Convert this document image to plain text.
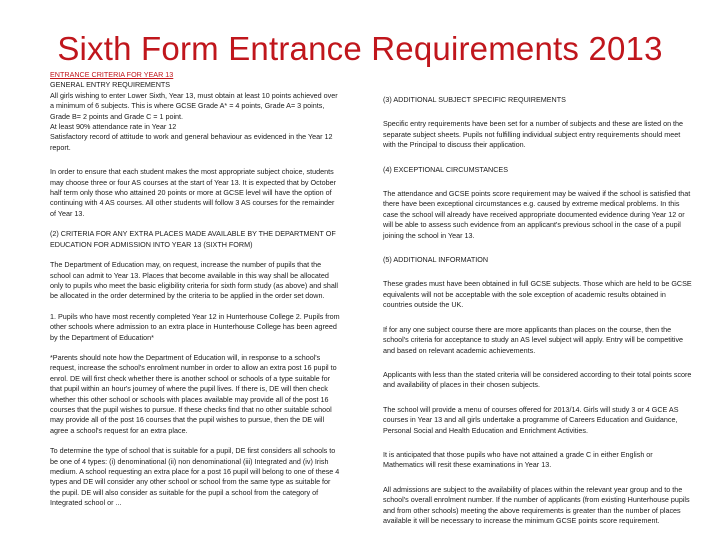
Sixth Form Entrance Requirements 2013

ENTRANCE CRITERIA FOR YEAR 13

GENERAL ENTRY REQUIREMENTS

All girls wishing to enter Lower Sixth, Year 13, must obtain at least 10 points achieved over a minimum of 6 subjects. This is where GCSE Grade A* = 4 points, Grade A= 3 points, Grade B= 2 points and Grade C = 1 point.

At least 90% attendance rate in Year 12

Satisfactory record of attitude to work and general behaviour as evidenced in the Year 12 report.

In order to ensure that each student makes the most appropriate subject choice, students may choose three or four AS courses at the start of Year 13. It is expected that by October half term only those who attained 20 points or more at GCSE level will have the option of continuing with 4 AS courses. All other students will follow 3 AS courses for the remainder of Year 13.

(2) CRITERIA FOR ANY EXTRA PLACES MADE AVAILABLE BY THE DEPARTMENT OF EDUCATION FOR ADMISSION INTO YEAR 13 (SIXTH FORM)

The Department of Education may, on request, increase the number of pupils that the school can admit to Year 13. Places that become available in this way shall be allocated only to pupils who meet the basic eligibility criteria for sixth form study (as above) and shall be allocated in the order determined by the criteria to be applied in the order set down.

1. Pupils who have most recently completed Year 12 in Hunterhouse College 2. Pupils from other schools where admission to an extra place in Hunterhouse College has been agreed by the Department of Education*

*Parents should note how the Department of Education will, in response to a school's request, increase the school's enrolment number in order to allow an extra post 16 pupil to enrol. DE will first check whether there is another school or schools of a type suitable for that pupil within an hour's journey of where the pupil lives. If there is, DE will then check whether this other school or schools with places available may provide all of the post 16 courses that the pupil wishes to pursue. If these checks find that no other suitable school may provide all of the post 16 courses that the pupil wishes to pursue, then the DE will agree a school's request for an extra place.

To determine the type of school that is suitable for a pupil, DE first considers all schools to be one of 4 types: (i) denominational (ii) non denominational (iii) Integrated and (iv) Irish medium. A school requesting an extra place for a post 16 pupil will belong to one of these 4 types and DE will consider any other school or school from the same type as suitable for the pupil. DE will also consider as suitable for the pupil a school from the category of Integrated school or ...

(3) ADDITIONAL SUBJECT SPECIFIC REQUIREMENTS

Specific entry requirements have been set for a number of subjects and these are listed on the separate subject sheets. Pupils not fulfilling individual subject entry requirements should meet with the Principal to discuss their application.

(4) EXCEPTIONAL CIRCUMSTANCES

The attendance and GCSE points score requirement may be waived if the school is satisfied that there have been exceptional circumstances e.g. caused by extreme medical problems. In this case the school will already have received appropriate documented evidence during Year 12 or will be able to assess such evidence from an applicant's previous school in the case of a pupil joining the school in Year 13.

(5) ADDITIONAL INFORMATION

These grades must have been obtained in full GCSE subjects. Those which are held to be GCSE equivalents will not be acceptable with the sole exception of academic results obtained in countries outside the UK.

If for any one subject course there are more applicants than places on the course, then the school's criteria for acceptance to study an AS level subject will apply. Entry will be competitive and based on relevant academic achievements.

Applicants with less than the stated criteria will be considered according to their total points score and availability of places in their chosen subjects.

The school will provide a menu of courses offered for 2013/14. Girls will study 3 or 4 GCE AS courses in Year 13 and all girls undertake a programme of Careers Education and Guidance, Personal Social and Health Education and Enrichment Activities.

It is anticipated that those pupils who have not attained a grade C in either English or Mathematics will resit these examinations in Year 13.

All admissions are subject to the availability of places within the relevant year group and to the school's overall enrolment number. If the number of applicants (from existing Hunterhouse pupils and from other schools) meeting the above requirements is greater than the number of places available it will be necessary to increase the minimum GCSE points score requirement.
